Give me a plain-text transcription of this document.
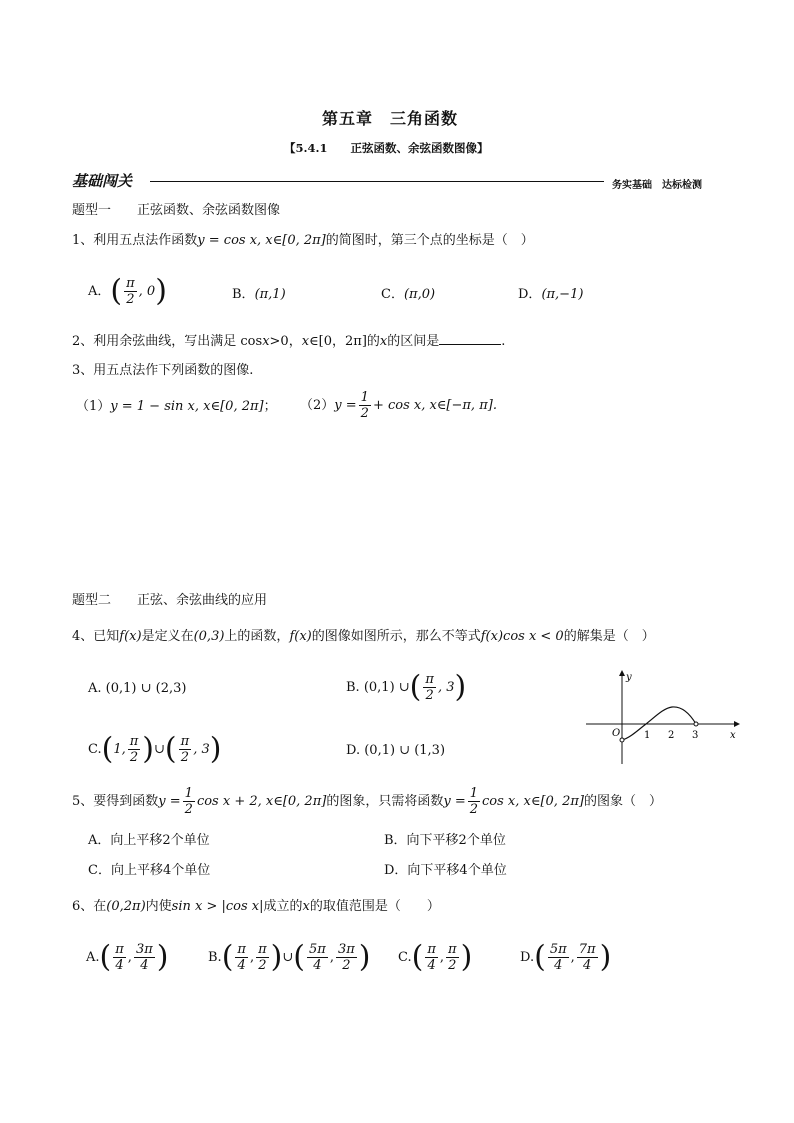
第五章　三角函数
【5.4.1　　正弦函数、余弦函数图像】
基础闯关	务实基础　达标检测
题型一　　正弦函数、余弦函数图像
1、利用五点法作函数y = cos x, x∈[0, 2π]的简图时，第三个点的坐标是（　）
A．( $\frac{\pi}{2}$ , 0)	B．(π,1)	C．(π,0)	D．(π,−1)
2、利用余弦曲线，写出满足 cosx>0，x∈[0，2π]的x的区间是	.
3、用五点法作下列函数的图像.
（1）y = 1 − sin x, x∈[0, 2π]； $(2)y = \frac{1}{2} + \cos x$, x∈[−π, π].
题型二　　正弦、余弦曲线的应用
4、已知f(x)是定义在(0,3)上的函数，f(x)的图像如图所示，那么不等式f(x)cos x < 0的解集是（　）
A. (0,1) ∪ (2,3)	B. (0,1) ∪( $\frac{\pi}{2}$ , 3)
C.(1, $\frac{\pi}{2}$ )∪( $\frac{\pi}{2}$ , 3)	D. (0,1) ∪ (1,3)
y
x
O 1 2 3
5、要得到函数$y = \frac{1}{2}$ cos x + 2, x∈[0, 2π]的图象，只需将函数$y = \frac{1}{2}$ cos x, x∈[0, 2π]的图象（　）
A．向上平移2个单位	B．向下平移2个单位
C．向上平移4个单位	D．向下平移4个单位
6、在(0,2π)内使sin x > |cos x|成立的x的取值范围是（　　）
$A.( \frac{\pi}{4}$ , $\frac{3\pi}{4}$ )	$B.( \frac{\pi}{4}$ , $\frac{\pi}{2}$ )∪( $\frac{5\pi}{4}$ , $\frac{3\pi}{2}$ ) $C.( \frac{\pi}{4}$ , $\frac{\pi}{2}$ )	$D.( \frac{5\pi}{4}$ , $\frac{7\pi}{4}$ )
